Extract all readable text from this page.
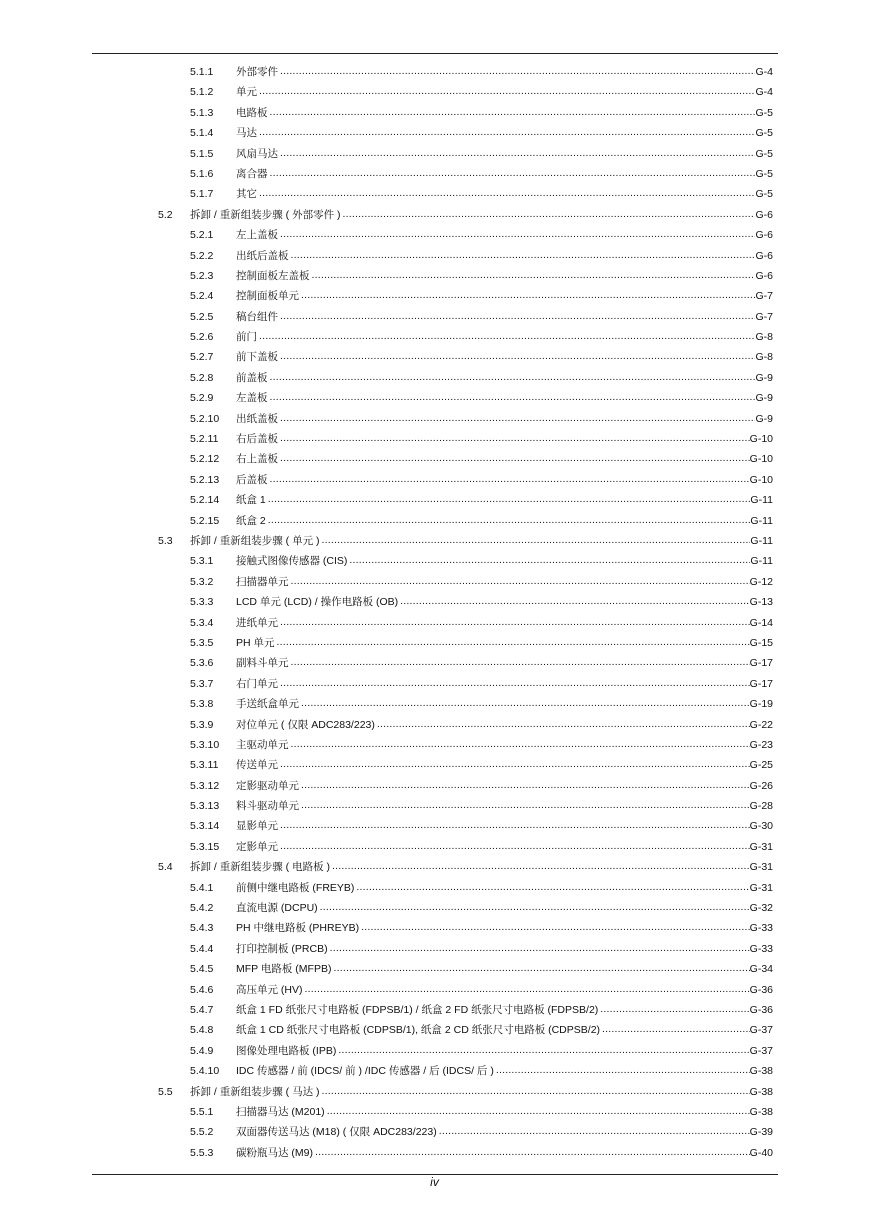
5.1.1 外部零件 .....	G-4
5.1.2 单元 .....	G-4
5.1.3 电路板 .....	G-5
5.1.4 马达 .....	G-5
5.1.5 风扇马达 .....	G-5
5.1.6 离合器 .....	G-5
5.1.7 其它 .....	G-5
5.2 拆卸 / 重新组装步骤 ( 外部零件 ) .....	G-6
5.2.1 左上盖板 .....	G-6
5.2.2 出纸后盖板 .....	G-6
5.2.3 控制面板左盖板 .....	G-6
5.2.4 控制面板单元 .....	G-7
5.2.5 稿台组件 .....	G-7
5.2.6 前门 .....	G-8
5.2.7 前下盖板 .....	G-8
5.2.8 前盖板 .....	G-9
5.2.9 左盖板 .....	G-9
5.2.10 出纸盖板 .....	G-9
5.2.11 右后盖板 .....	G-10
5.2.12 右上盖板 .....	G-10
5.2.13 后盖板 .....	G-10
5.2.14 纸盒 1 .....	G-11
5.2.15 纸盒 2 .....	G-11
5.3 拆卸 / 重新组装步骤 ( 单元 ) .....	G-11
5.3.1 接触式图像传感器 (CIS) .....	G-11
5.3.2 扫描器单元 .....	G-12
5.3.3 LCD 单元 (LCD) / 操作电路板 (OB) .....	G-13
5.3.4 进纸单元 .....	G-14
5.3.5 PH 单元 .....	G-15
5.3.6 副料斗单元 .....	G-17
5.3.7 右门单元 .....	G-17
5.3.8 手送纸盒单元 .....	G-19
5.3.9 对位单元 ( 仅限 ADC283/223) .....	G-22
5.3.10 主驱动单元 .....	G-23
5.3.11 传送单元 .....	G-25
5.3.12 定影驱动单元 .....	G-26
5.3.13 料斗驱动单元 .....	G-28
5.3.14 显影单元 .....	G-30
5.3.15 定影单元 .....	G-31
5.4 拆卸 / 重新组装步骤 ( 电路板 ) .....	G-31
5.4.1 前侧中继电路板 (FREYB) .....	G-31
5.4.2 直流电源 (DCPU) .....	G-32
5.4.3 PH 中继电路板 (PHREYB) .....	G-33
5.4.4 打印控制板 (PRCB) .....	G-33
5.4.5 MFP 电路板 (MFPB) .....	G-34
5.4.6 高压单元 (HV) .....	G-36
5.4.7 纸盒 1 FD 纸张尺寸电路板 (FDPSB/1) / 纸盒 2 FD 纸张尺寸电路板 (FDPSB/2) .....	G-36
5.4.8 纸盒 1 CD 纸张尺寸电路板 (CDPSB/1), 纸盒 2 CD 纸张尺寸电路板 (CDPSB/2) .....	G-37
5.4.9 图像处理电路板 (IPB) .....	G-37
5.4.10 IDC 传感器 / 前 (IDCS/ 前 ) /IDC 传感器 / 后 (IDCS/ 后 ) .....	G-38
5.5 拆卸 / 重新组装步骤 ( 马达 ) .....	G-38
5.5.1 扫描器马达 (M201) .....	G-38
5.5.2 双面器传送马达 (M18) ( 仅限 ADC283/223) .....	G-39
5.5.3 碳粉瓶马达 (M9) .....	G-40
iv
